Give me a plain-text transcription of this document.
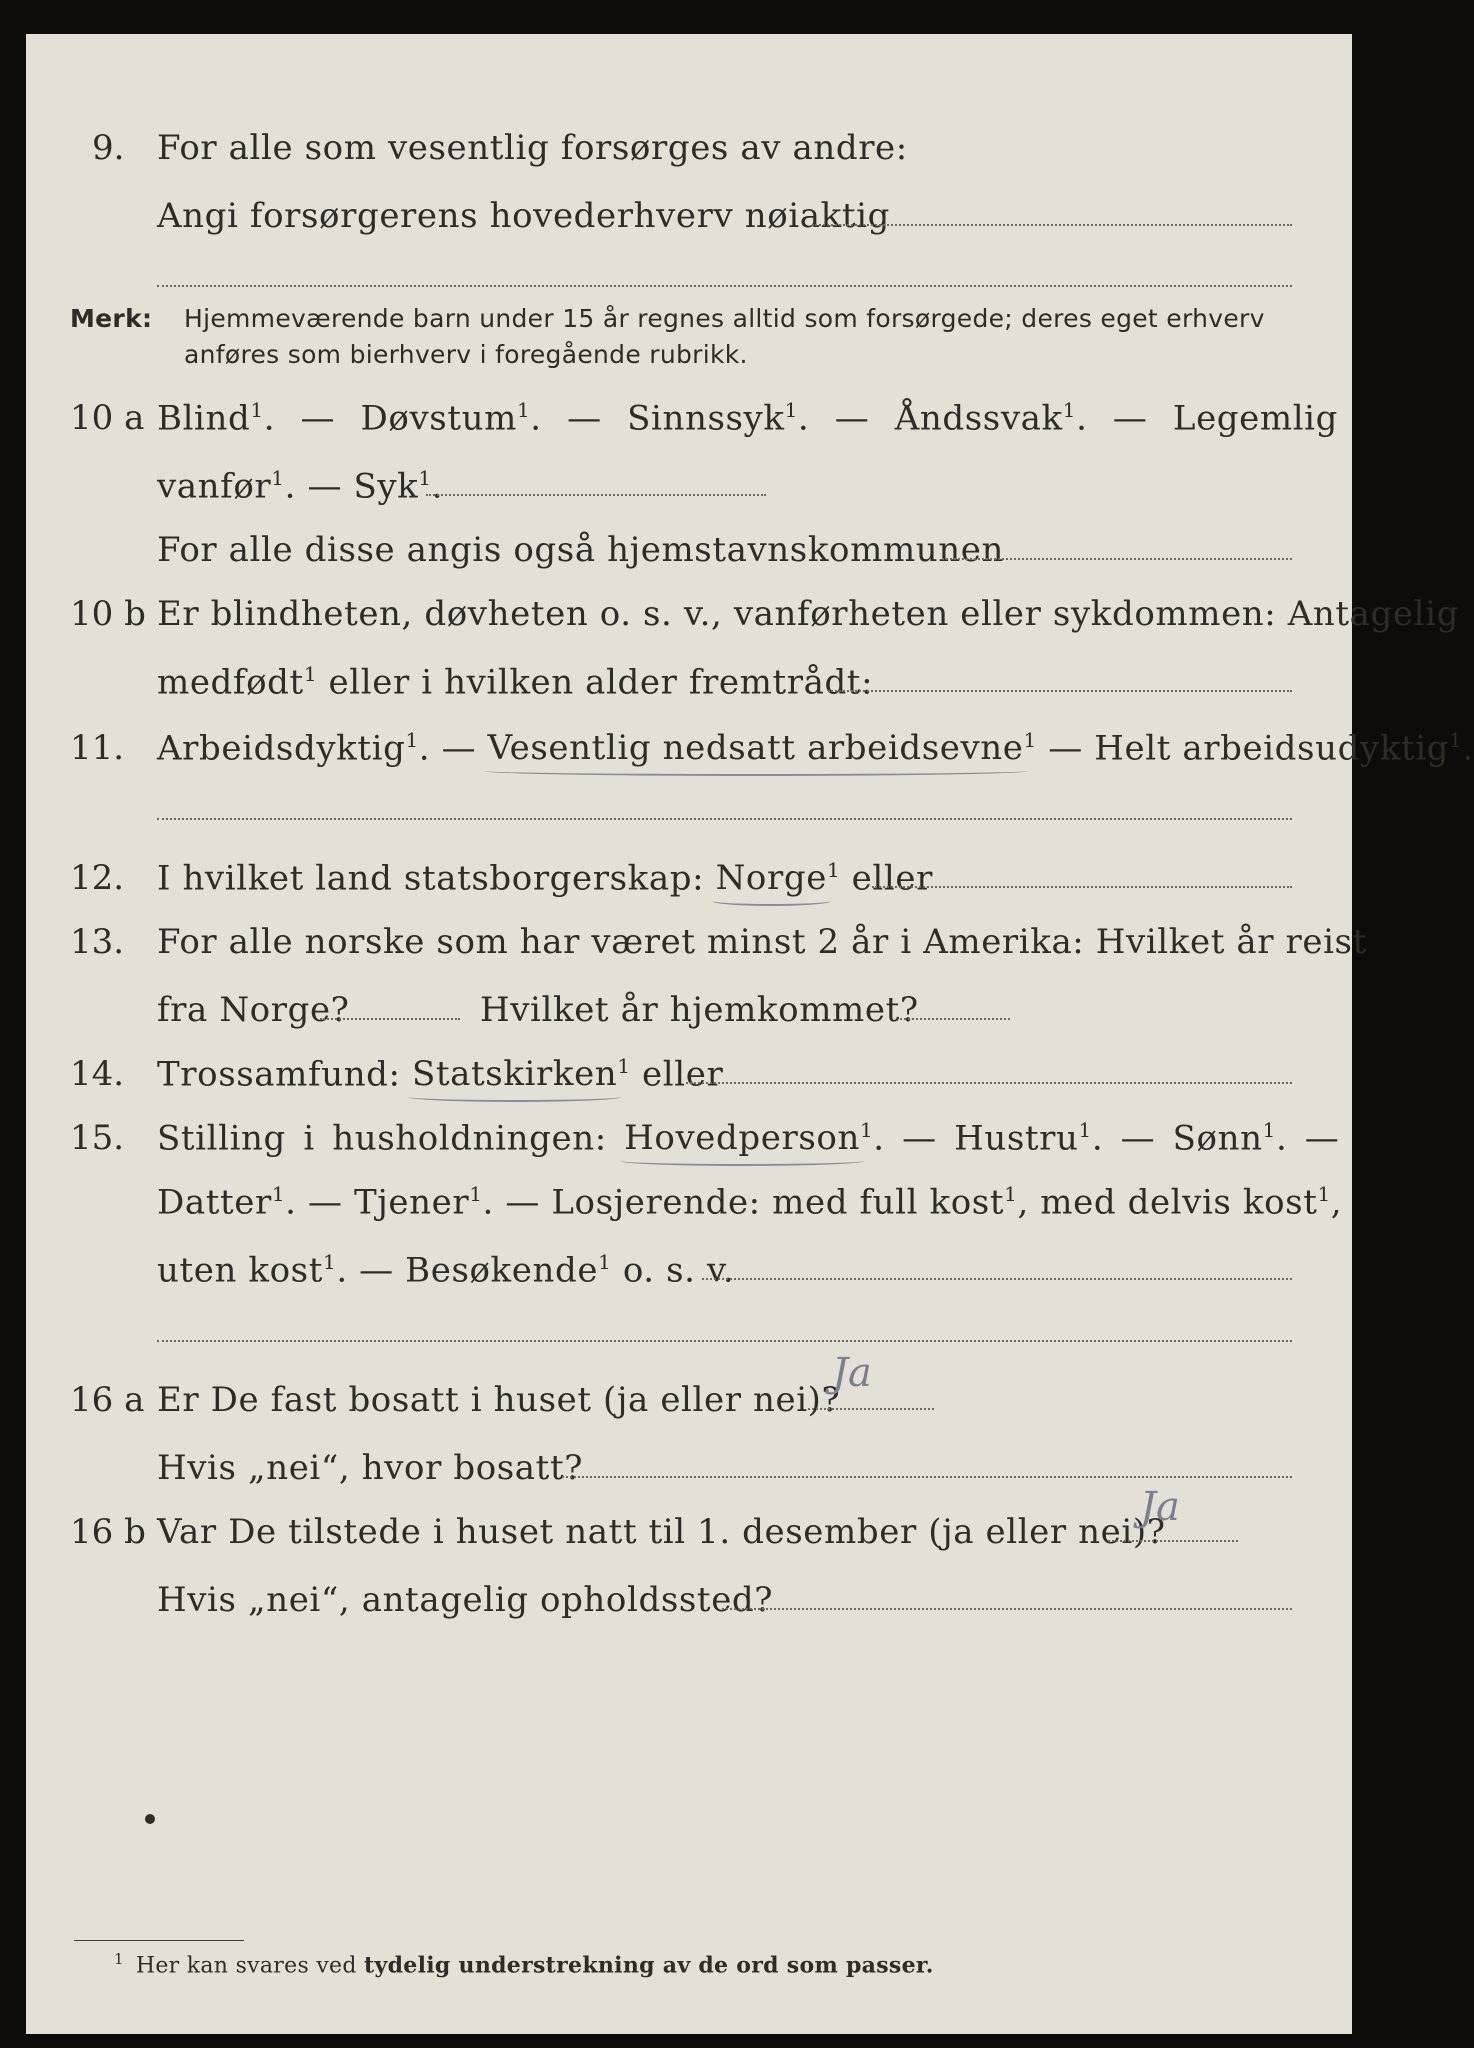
9. For alle som vesentlig forsørges av andre:
Angi forsørgerens hovederhverv nøiaktig
Merk: Hjemmeværende barn under 15 år regnes alltid som forsørgede; deres eget erhverv
anføres som bierhverv i foregående rubrikk.
10 a Blind$^1$. — Døvstum$^1$. — Sinnssyk$^1$. — Åndssvak$^1$. — Legemlig
vanfør$^1$. — Syk$^1$.
For alle disse angis også hjemstavnskommunen
10 b Er blindheten, døvheten o. s. v., vanførheten eller sykdommen: Antagelig
medfødt$^1$ eller i hvilken alder fremtrådt:
11. Arbeidsdyktig$^1$. — Vesentlig nedsatt arbeidsevne$^1$ — Helt arbeidsudyktig$^1$.
12. I hvilket land statsborgerskap: Norge$^1$ eller
13. For alle norske som har været minst 2 år i Amerika: Hvilket år reist
fra Norge?	Hvilket år hjemkommet?
14. Trossamfund: Statskirken$^1$ eller
15. Stilling i husholdningen: Hovedperson$^1$. — Hustru$^1$. — Sønn$^1$. —
Datter$^1$. — Tjener$^1$. — Losjerende: med full kost$^1$, med delvis kost$^1$,
uten kost$^1$. — Besøkende$^1$ o. s. v.
16 a Er De fast bosatt i huset (ja eller nei)?
Ja
Hvis „nei“, hvor bosatt?
16 b Var De tilstede i huset natt til 1. desember (ja eller nei)?
Ja
Hvis „nei“, antagelig opholdssted?
$^1$ Her kan svares ved tydelig understrekning av de ord som passer.
